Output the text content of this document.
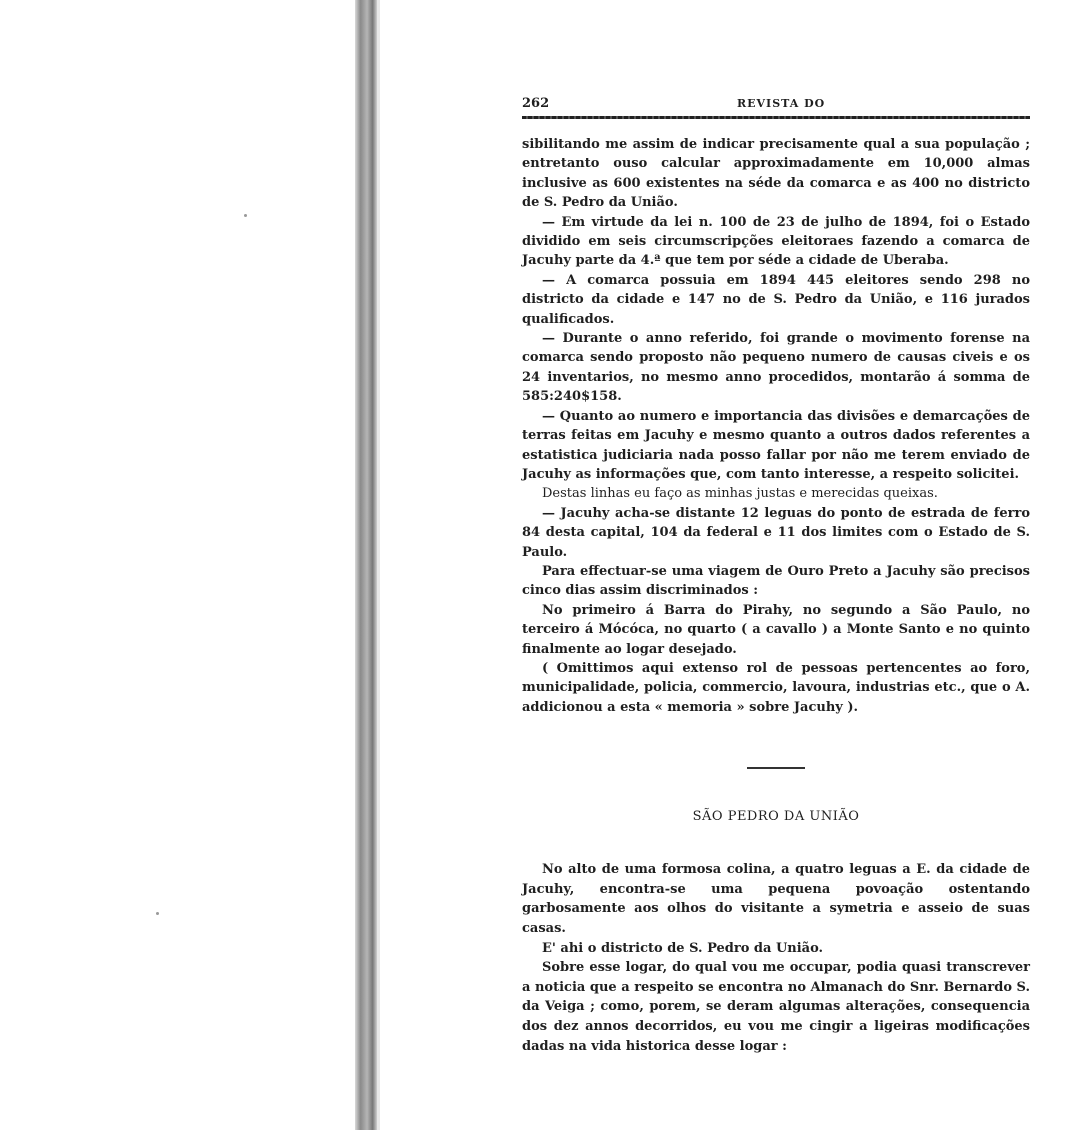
262	REVISTA DO

sibilitando me assim de indicar precisamente qual a sua população ; entretanto ouso calcular approximadamente em 10,000 almas inclusive as 600 existentes na séde da comarca e as 400 no districto de S. Pedro da União.

— Em virtude da lei n. 100 de 23 de julho de 1894, foi o Estado dividido em seis circumscripções eleitoraes fazendo a comarca de Jacuhy parte da 4.ª que tem por séde a cidade de Uberaba.

— A comarca possuia em 1894 445 eleitores sendo 298 no districto da cidade e 147 no de S. Pedro da União, e 116 jurados qualificados.

— Durante o anno referido, foi grande o movimento forense na comarca sendo proposto não pequeno numero de causas civeis e os 24 inventarios, no mesmo anno procedidos, montarão á somma de 585:240$158.

— Quanto ao numero e importancia das divisões e demarcações de terras feitas em Jacuhy e mesmo quanto a outros dados referentes a estatistica judiciaria nada posso fallar por não me terem enviado de Jacuhy as informações que, com tanto interesse, a respeito solicitei.

Destas linhas eu faço as minhas justas e merecidas queixas.

— Jacuhy acha-se distante 12 leguas do ponto de estrada de ferro 84 desta capital, 104 da federal e 11 dos limites com o Estado de S. Paulo.

Para effectuar-se uma viagem de Ouro Preto a Jacuhy são precisos cinco dias assim discriminados :

No primeiro á Barra do Pirahy, no segundo a São Paulo, no terceiro á Mócóca, no quarto ( a cavallo ) a Monte Santo e no quinto finalmente ao logar desejado.

( Omittimos aqui extenso rol de pessoas pertencentes ao foro, municipalidade, policia, commercio, lavoura, industrias etc., que o A. addicionou a esta « memoria » sobre Jacuhy ).

SÃO PEDRO DA UNIÃO

No alto de uma formosa colina, a quatro leguas a E. da cidade de Jacuhy, encontra-se uma pequena povoação ostentando garbosamente aos olhos do visitante a symetria e asseio de suas casas.

E' ahi o districto de S. Pedro da União.

Sobre esse logar, do qual vou me occupar, podia quasi transcrever a noticia que a respeito se encontra no Almanach do Snr. Bernardo S. da Veiga ; como, porem, se deram algumas alterações, consequencia dos dez annos decorridos, eu vou me cingir a ligeiras modificações dadas na vida historica desse logar :
